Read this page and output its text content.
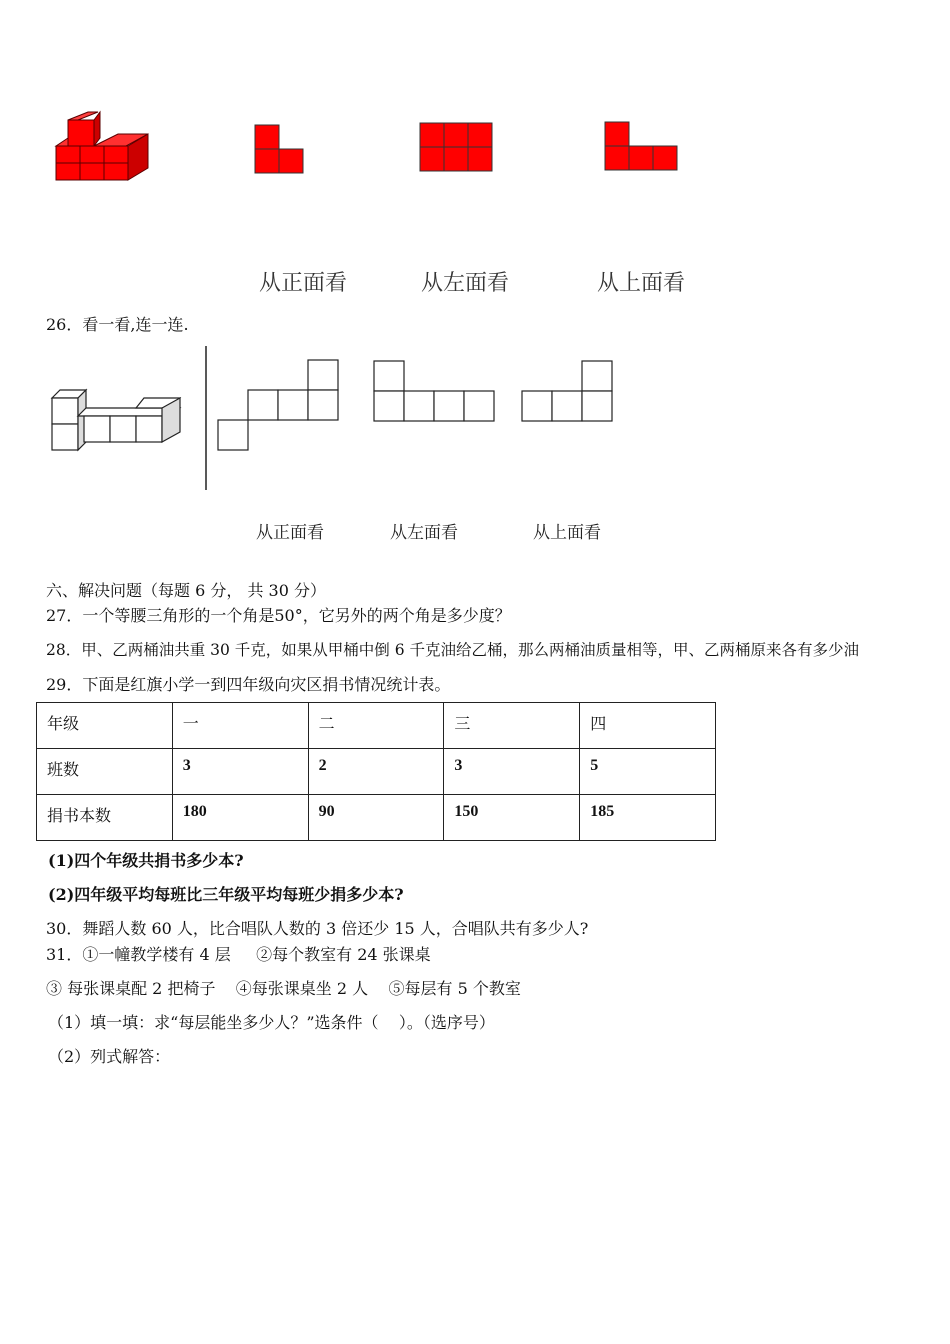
从正面看	从左面看	从上面看
26．看一看,连一连.
从正面看	从左面看	从上面看
六、解决问题（每题 6 分， 共 30 分）
27．一个等腰三角形的一个角是50°，它另外的两个角是多少度？
28．甲、乙两桶油共重 30 千克，如果从甲桶中倒 6 千克油给乙桶，那么两桶油质量相等，甲、乙两桶原来各有多少油
29．下面是红旗小学一到四年级向灾区捐书情况统计表。
年级	一	二	三	四
班数	3	2	3	5
捐书本数	180	90	150	185
(1)四个年级共捐书多少本?
(2)四年级平均每班比三年级平均每班少捐多少本?
30．舞蹈人数 60 人，比合唱队人数的 3 倍还少 15 人，合唱队共有多少人?
31．①一幢教学楼有 4 层     ②每个教室有 24 张课桌
③ 每张课桌配 2 把椅子    ④每张课桌坐 2 人    ⑤每层有 5 个教室
（1）填一填：求“每层能坐多少人？”选条件（    ）。（选序号）
（2）列式解答：
